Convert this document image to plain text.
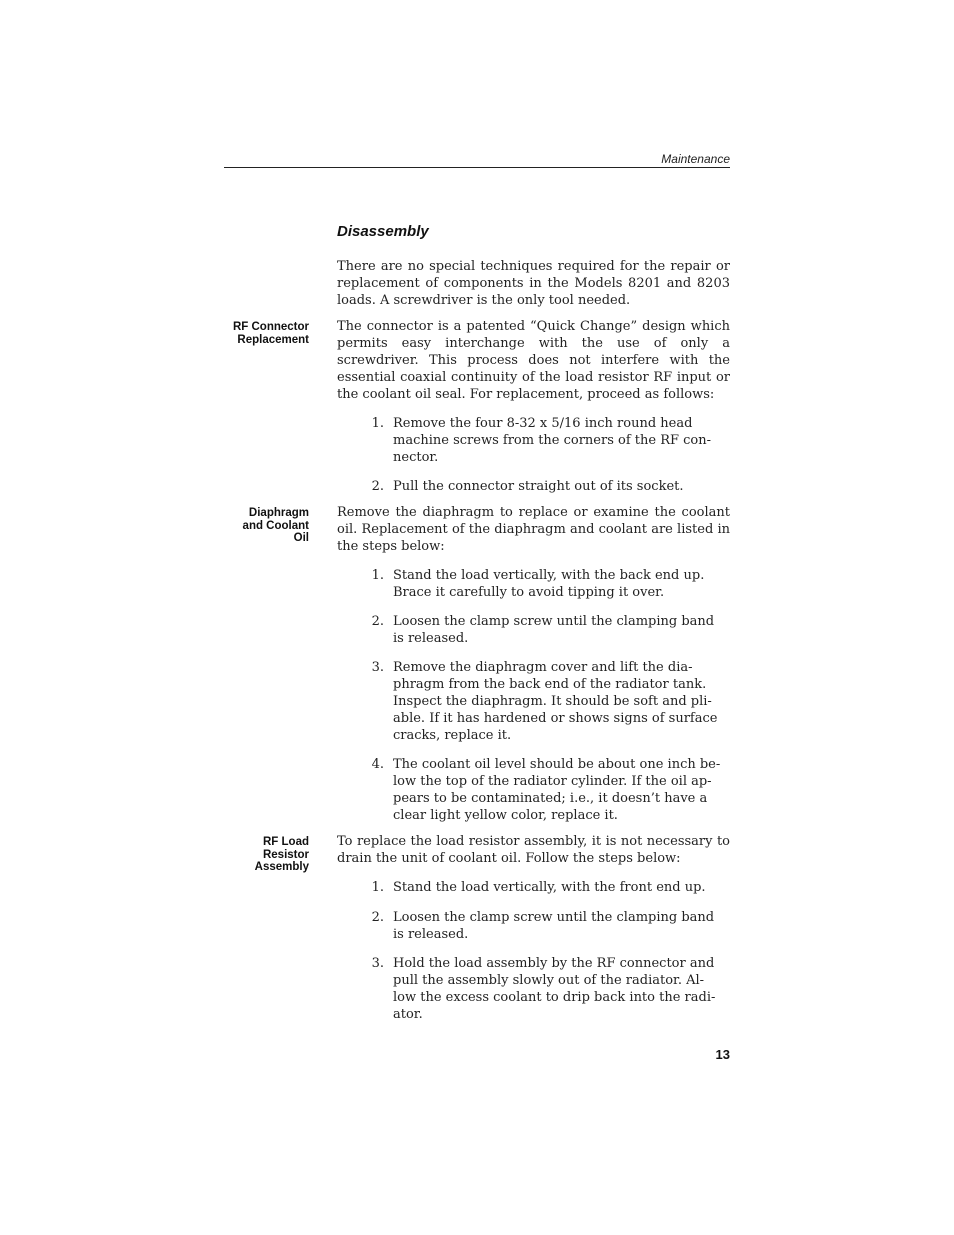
Maintenance
Disassembly

There are no special techniques required for the repair or replacement of components in the Models 8201 and 8203 loads. A screwdriver is the only tool needed.

RF Connector
Replacement

The connector is a patented “Quick Change” design which permits easy interchange with the use of only a screwdriver. This process does not interfere with the essential coaxial continuity of the load resistor RF input or the coolant oil seal. For replacement, proceed as follows:

1. Remove the four 8-32 x 5/16 inch round head
machine screws from the corners of the RF con-
nector.

2. Pull the connector straight out of its socket.

Diaphragm
and Coolant
Oil

Remove the diaphragm to replace or examine the coolant oil. Replacement of the diaphragm and coolant are listed in the steps below:

1. Stand the load vertically, with the back end up.
Brace it carefully to avoid tipping it over.

2. Loosen the clamp screw until the clamping band
is released.

3. Remove the diaphragm cover and lift the dia-
phragm from the back end of the radiator tank.
Inspect the diaphragm. It should be soft and pli-
able. If it has hardened or shows signs of surface
cracks, replace it.

4. The coolant oil level should be about one inch be-
low the top of the radiator cylinder. If the oil ap-
pears to be contaminated; i.e., it doesn’t have a
clear light yellow color, replace it.

RF Load
Resistor
Assembly

To replace the load resistor assembly, it is not necessary to drain the unit of coolant oil. Follow the steps below:

1. Stand the load vertically, with the front end up.

2. Loosen the clamp screw until the clamping band
is released.

3. Hold the load assembly by the RF connector and
pull the assembly slowly out of the radiator. Al-
low the excess coolant to drip back into the radi-
ator.

13
